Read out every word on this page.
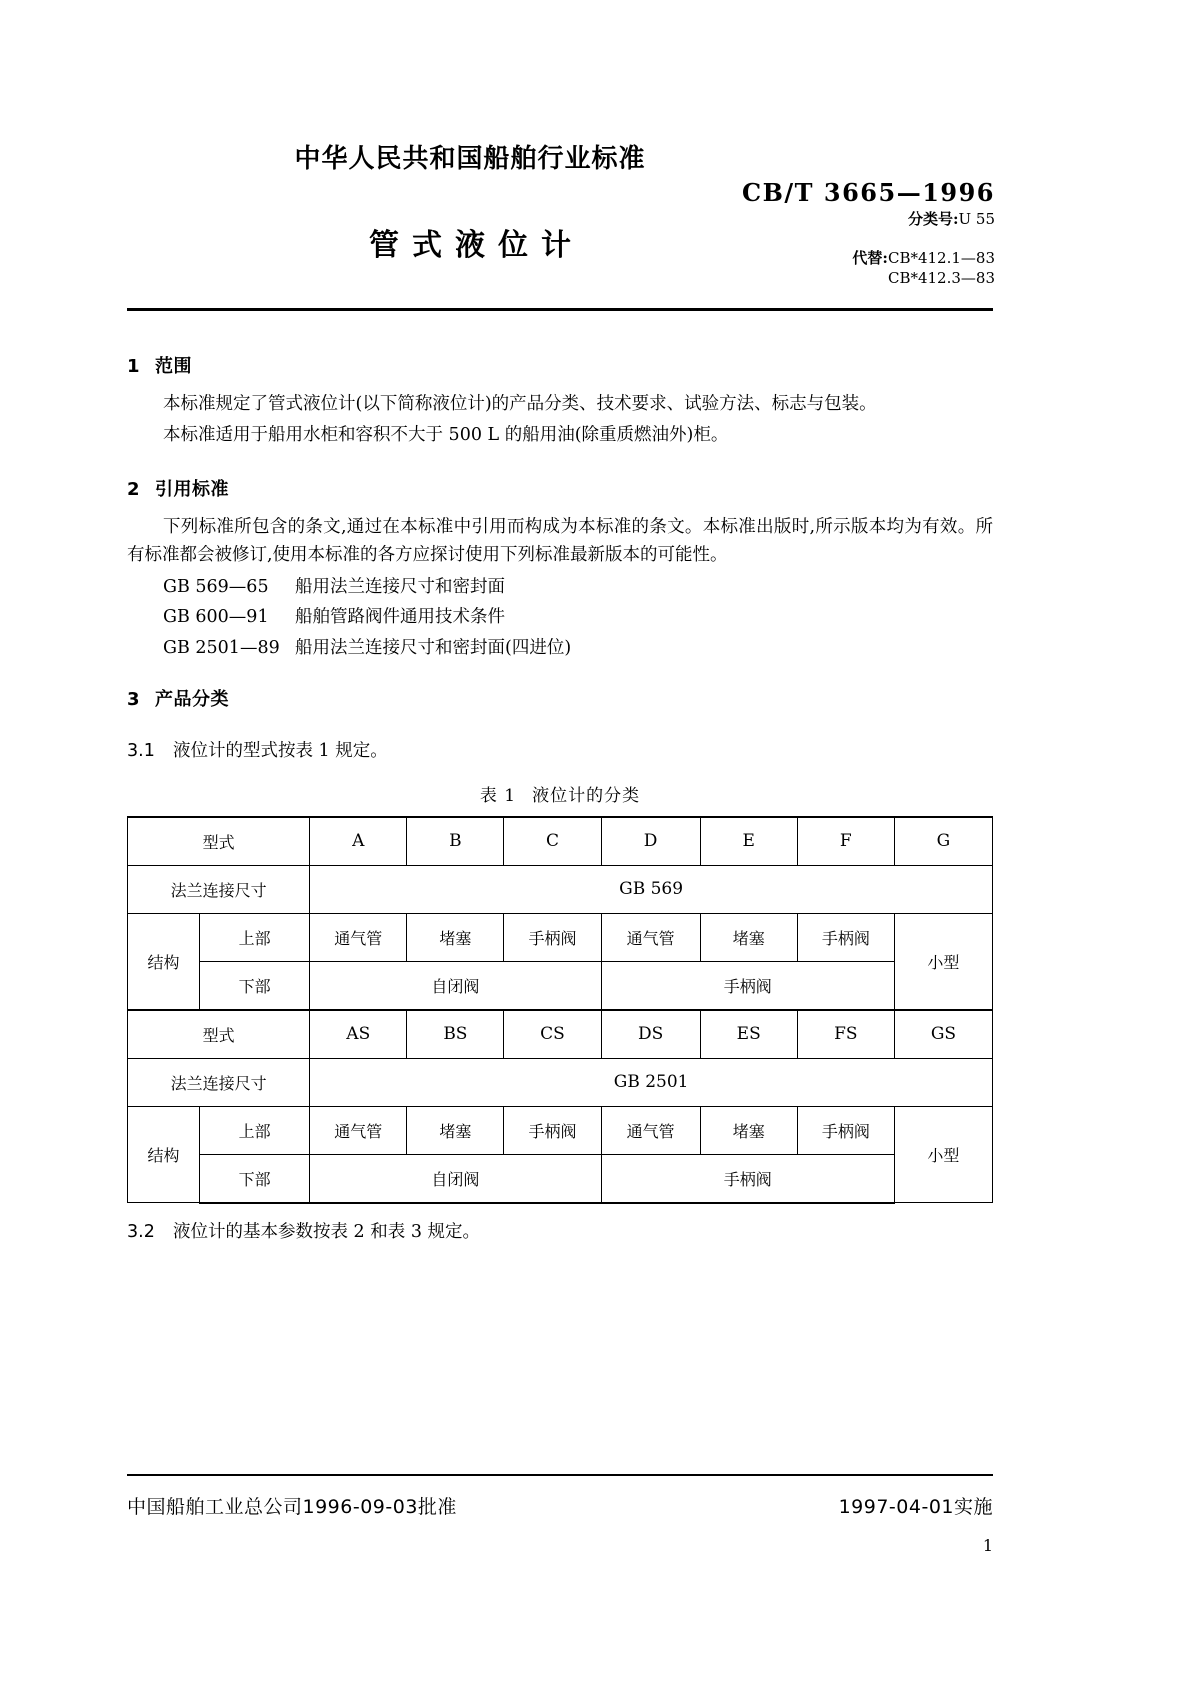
中华人民共和国船舶行业标准
管式液位计
CB/T 3665—1996
分类号:U 55
代替:CB*412.1—83
CB*412.3—83
1 范围

本标准规定了管式液位计(以下简称液位计)的产品分类、技术要求、试验方法、标志与包装。

本标准适用于船用水柜和容积不大于 500 L 的船用油(除重质燃油外)柜。

2 引用标准

下列标准所包含的条文,通过在本标准中引用而构成为本标准的条文。本标准出版时,所示版本均为有效。所有标准都会被修订,使用本标准的各方应探讨使用下列标准最新版本的可能性。

GB 569—65 船用法兰连接尺寸和密封面
GB 600—91 船舶管路阀件通用技术条件
GB 2501—89 船用法兰连接尺寸和密封面(四进位)
3 产品分类

3.1 液位计的型式按表 1 规定。

表 1 液位计的分类
型式		A	B	C	D	E	F	G
法兰连接尺寸		GB 569						
结构	上部	通气管	堵塞	手柄阀	通气管	堵塞	手柄阀	小型
	下部	自闭阀			手柄阀			
型式		AS	BS	CS	DS	ES	FS	GS
法兰连接尺寸		GB 2501						
结构	上部	通气管	堵塞	手柄阀	通气管	堵塞	手柄阀	小型
	下部	自闭阀			手柄阀			

3.2 液位计的基本参数按表 2 和表 3 规定。

中国船舶工业总公司1996-09-03批准	1997-04-01实施
1
